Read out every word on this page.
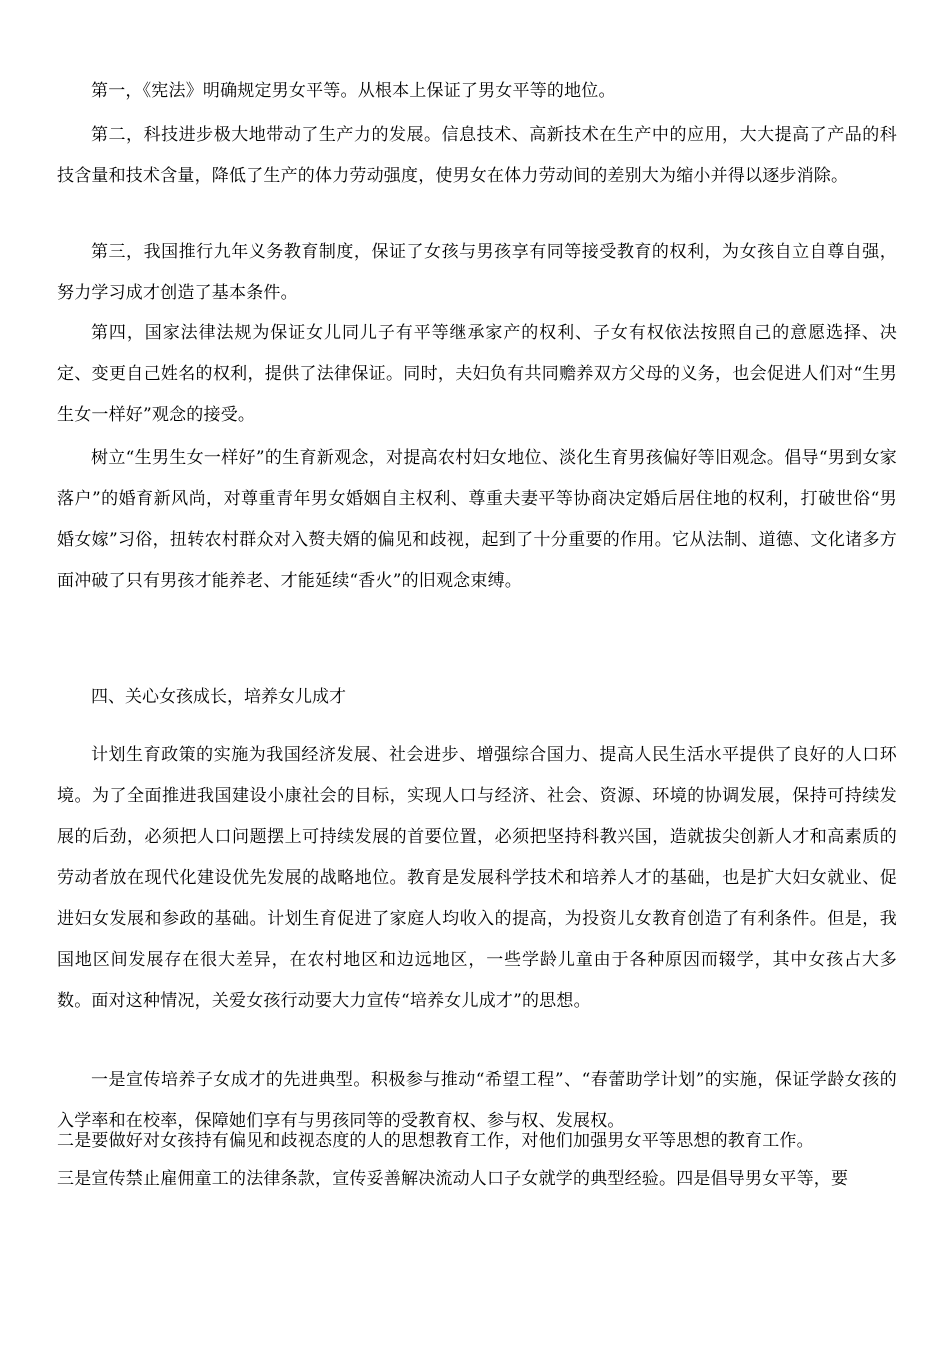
第一，《宪法》明确规定男女平等。从根本上保证了男女平等的地位。

第二，科技进步极大地带动了生产力的发展。信息技术、高新技术在生产中的应用，大大提高了产品的科技含量和技术含量，降低了生产的体力劳动强度，使男女在体力劳动间的差别大为缩小并得以逐步消除。

第三，我国推行九年义务教育制度，保证了女孩与男孩享有同等接受教育的权利，为女孩自立自尊自强，努力学习成才创造了基本条件。

第四，国家法律法规为保证女儿同儿子有平等继承家产的权利、子女有权依法按照自己的意愿选择、决定、变更自己姓名的权利，提供了法律保证。同时，夫妇负有共同赡养双方父母的义务，也会促进人们对“生男生女一样好”观念的接受。

树立“生男生女一样好”的生育新观念，对提高农村妇女地位、淡化生育男孩偏好等旧观念。倡导“男到女家落户”的婚育新风尚，对尊重青年男女婚姻自主权利、尊重夫妻平等协商决定婚后居住地的权利，打破世俗“男婚女嫁”习俗，扭转农村群众对入赘夫婿的偏见和歧视，起到了十分重要的作用。它从法制、道德、文化诸多方面冲破了只有男孩才能养老、才能延续“香火”的旧观念束缚。

四、关心女孩成长，培养女儿成才

计划生育政策的实施为我国经济发展、社会进步、增强综合国力、提高人民生活水平提供了良好的人口环境。为了全面推进我国建设小康社会的目标，实现人口与经济、社会、资源、环境的协调发展，保持可持续发展的后劲，必须把人口问题摆上可持续发展的首要位置，必须把坚持科教兴国，造就拔尖创新人才和高素质的劳动者放在现代化建设优先发展的战略地位。教育是发展科学技术和培养人才的基础，也是扩大妇女就业、促进妇女发展和参政的基础。计划生育促进了家庭人均收入的提高，为投资儿女教育创造了有利条件。但是，我国地区间发展存在很大差异，在农村地区和边远地区，一些学龄儿童由于各种原因而辍学，其中女孩占大多数。面对这种情况，关爱女孩行动要大力宣传“培养女儿成才”的思想。

一是宣传培养子女成才的先进典型。积极参与推动“希望工程”、“春蕾助学计划”的实施，保证学龄女孩的入学率和在校率，保障她们享有与男孩同等的受教育权、参与权、发展权。

二是要做好对女孩持有偏见和歧视态度的人的思想教育工作，对他们加强男女平等思想的教育工作。

三是宣传禁止雇佣童工的法律条款，宣传妥善解决流动人口子女就学的典型经验。四是倡导男女平等，要
